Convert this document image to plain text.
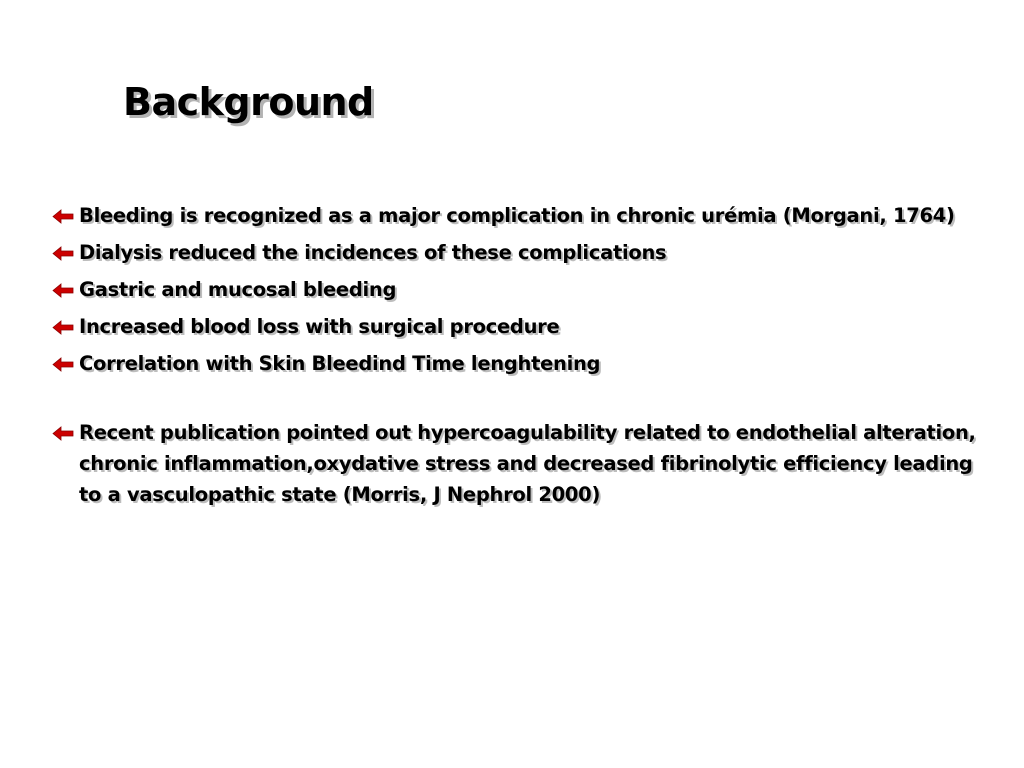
Background
Bleeding is recognized as a major complication in chronic urémia (Morgani, 1764)
Dialysis reduced the incidences of these complications
Gastric and mucosal bleeding
Increased blood loss with surgical procedure
Correlation with Skin Bleedind Time lenghtening
Recent publication pointed out hypercoagulability related to endothelial alteration, chronic inflammation,oxydative stress and decreased fibrinolytic efficiency leading to a vasculopathic state (Morris, J Nephrol 2000)
